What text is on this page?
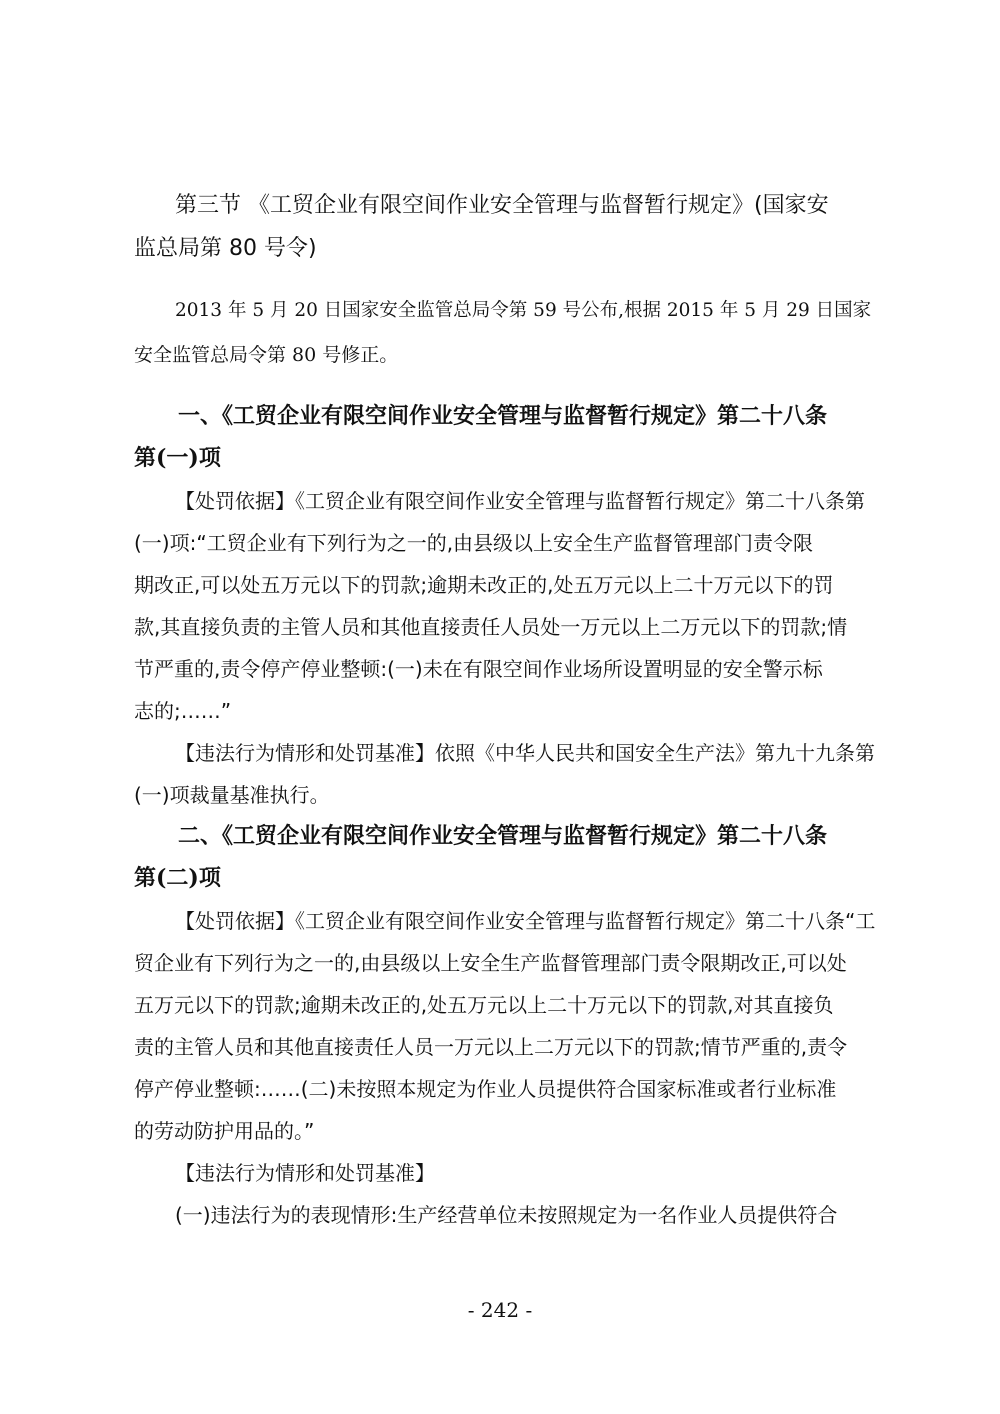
第三节 《工贸企业有限空间作业安全管理与监督暂行规定》(国家安
监总局第 80 号令)
2013 年 5 月 20 日国家安全监管总局令第 59 号公布,根据 2015 年 5 月 29 日国家
安全监管总局令第 80 号修正。
一、《工贸企业有限空间作业安全管理与监督暂行规定》第二十八条
第(一)项
【处罚依据】《工贸企业有限空间作业安全管理与监督暂行规定》第二十八条第
(一)项:“工贸企业有下列行为之一的,由县级以上安全生产监督管理部门责令限
期改正,可以处五万元以下的罚款;逾期未改正的,处五万元以上二十万元以下的罚
款,其直接负责的主管人员和其他直接责任人员处一万元以上二万元以下的罚款;情
节严重的,责令停产停业整顿:(一)未在有限空间作业场所设置明显的安全警示标
志的;……”
【违法行为情形和处罚基准】依照《中华人民共和国安全生产法》第九十九条第
(一)项裁量基准执行。
二、《工贸企业有限空间作业安全管理与监督暂行规定》第二十八条
第(二)项
【处罚依据】《工贸企业有限空间作业安全管理与监督暂行规定》第二十八条“工
贸企业有下列行为之一的,由县级以上安全生产监督管理部门责令限期改正,可以处
五万元以下的罚款;逾期未改正的,处五万元以上二十万元以下的罚款,对其直接负
责的主管人员和其他直接责任人员一万元以上二万元以下的罚款;情节严重的,责令
停产停业整顿:……(二)未按照本规定为作业人员提供符合国家标准或者行业标准
的劳动防护用品的。”
【违法行为情形和处罚基准】
(一)违法行为的表现情形:生产经营单位未按照规定为一名作业人员提供符合
- 242 -
